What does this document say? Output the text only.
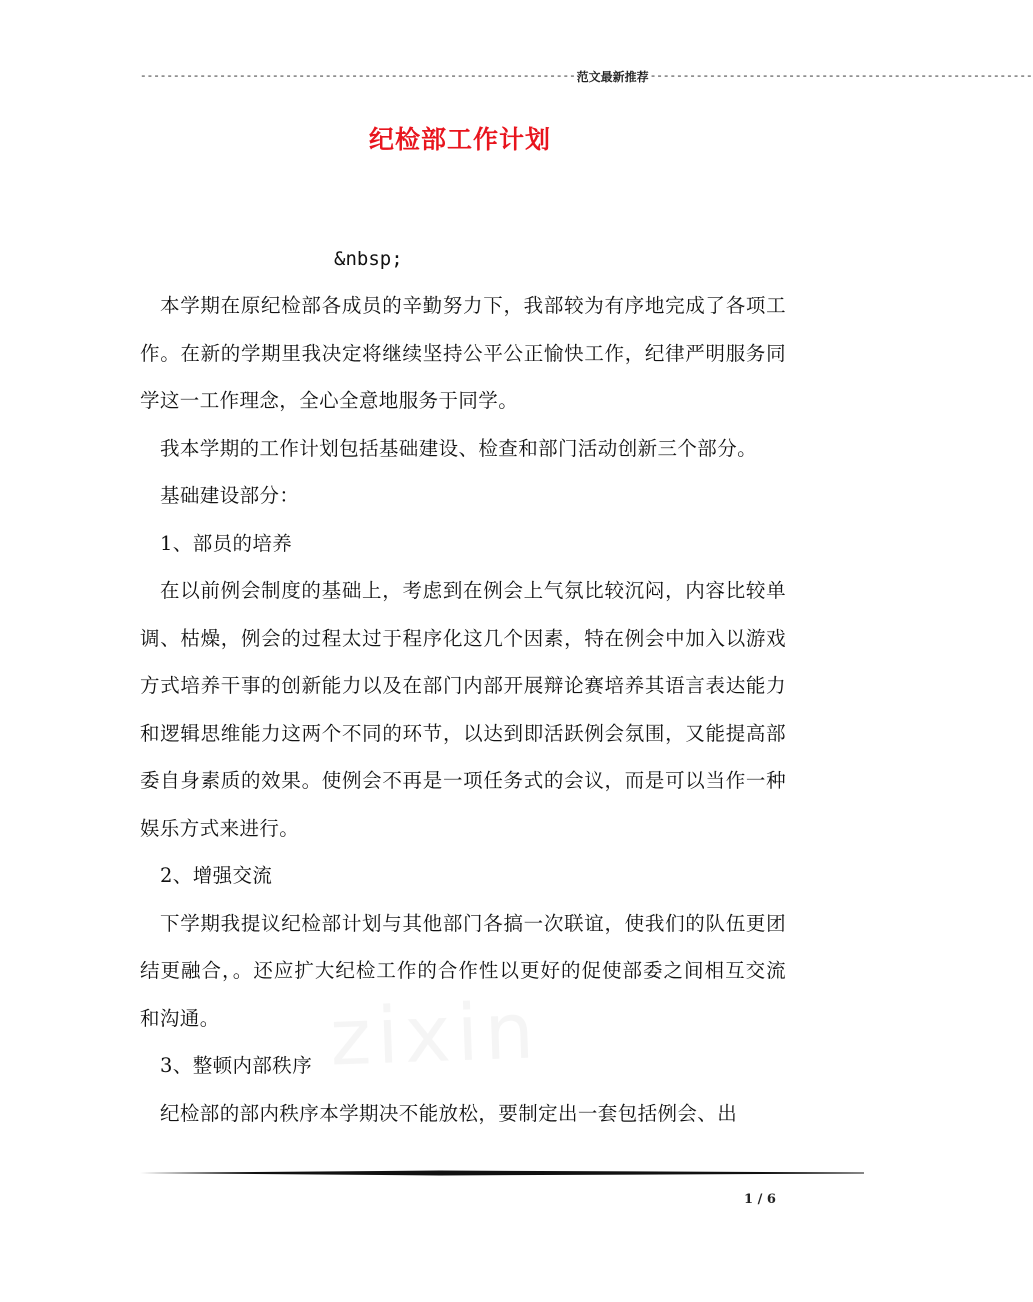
------------------------------------------------------------------ 范文最新推荐 ----------------------------------------------------------
纪检部工作计划

&nbsp;

本学期在原纪检部各成员的辛勤努力下，我部较为有序地完成了各项工作。在新的学期里我决定将继续坚持公平公正愉快工作，纪律严明服务同学这一工作理念，全心全意地服务于同学。

我本学期的工作计划包括基础建设、检查和部门活动创新三个部分。

基础建设部分：

1、部员的培养

在以前例会制度的基础上，考虑到在例会上气氛比较沉闷，内容比较单调、枯燥，例会的过程太过于程序化这几个因素，特在例会中加入以游戏方式培养干事的创新能力以及在部门内部开展辩论赛培养其语言表达能力和逻辑思维能力这两个不同的环节，以达到即活跃例会氛围，又能提高部委自身素质的效果。使例会不再是一项任务式的会议，而是可以当作一种娱乐方式来进行。

2、增强交流

下学期我提议纪检部计划与其他部门各搞一次联谊，使我们的队伍更团结更融合，。还应扩大纪检工作的合作性以更好的促使部委之间相互交流和沟通。

3、整顿内部秩序

纪检部的部内秩序本学期决不能放松，要制定出一套包括例会、出

1 / 6
